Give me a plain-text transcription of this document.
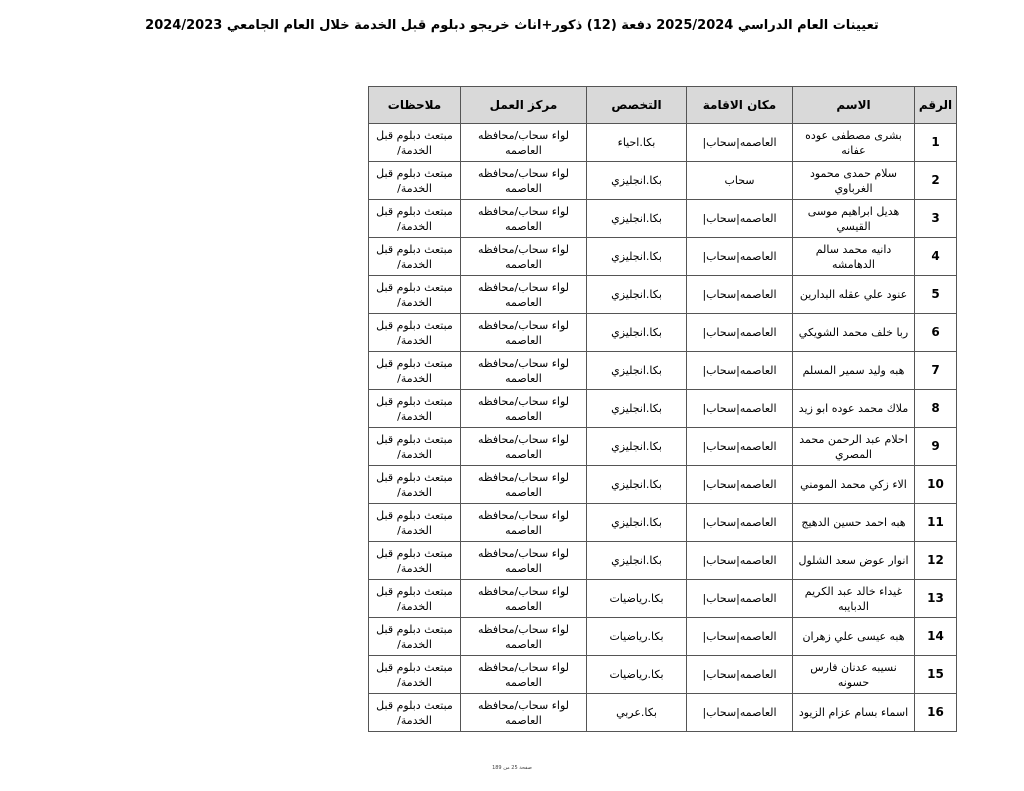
تعيينات العام الدراسي 2025/2024 دفعة (12) ذكور+اناث خريجو دبلوم قبل الخدمة خلال العام الجامعي 2024/2023
الرقم	الاسم	مكان الاقامة	التخصص	مركز العمل	ملاحظات
1	بشرى مصطفى عوده عفانه	العاصمه|سحاب|	بكا.احياء	لواء سحاب/محافظه العاصمه	مبتعث دبلوم قبل الخدمة/
2	سلام حمدى محمود الغرباوي	سحاب	بكا.انجليزي	لواء سحاب/محافظه العاصمه	مبتعث دبلوم قبل الخدمة/
3	هديل ابراهيم موسى القيسي	العاصمه|سحاب|	بكا.انجليزي	لواء سحاب/محافظه العاصمه	مبتعث دبلوم قبل الخدمة/
4	دانيه محمد سالم الدهامشه	العاصمه|سحاب|	بكا.انجليزي	لواء سحاب/محافظه العاصمه	مبتعث دبلوم قبل الخدمة/
5	عنود علي عقله البدارين	العاصمه|سحاب|	بكا.انجليزي	لواء سحاب/محافظه العاصمه	مبتعث دبلوم قبل الخدمة/
6	ربا خلف محمد الشويكي	العاصمه|سحاب|	بكا.انجليزي	لواء سحاب/محافظه العاصمه	مبتعث دبلوم قبل الخدمة/
7	هبه وليد سمير المسلم	العاصمه|سحاب|	بكا.انجليزي	لواء سحاب/محافظه العاصمه	مبتعث دبلوم قبل الخدمة/
8	ملاك محمد عوده ابو زيد	العاصمه|سحاب|	بكا.انجليزي	لواء سحاب/محافظه العاصمه	مبتعث دبلوم قبل الخدمة/
9	احلام عبد الرحمن محمد المصري	العاصمه|سحاب|	بكا.انجليزي	لواء سحاب/محافظه العاصمه	مبتعث دبلوم قبل الخدمة/
10	الاء زكي محمد المومني	العاصمه|سحاب|	بكا.انجليزي	لواء سحاب/محافظه العاصمه	مبتعث دبلوم قبل الخدمة/
11	هبه احمد حسين الدهيج	العاصمه|سحاب|	بكا.انجليزي	لواء سحاب/محافظه العاصمه	مبتعث دبلوم قبل الخدمة/
12	انوار عوض سعد الشلول	العاصمه|سحاب|	بكا.انجليزي	لواء سحاب/محافظه العاصمه	مبتعث دبلوم قبل الخدمة/
13	غيداء خالد عبد الكريم الدبايبه	العاصمه|سحاب|	بكا.رياضيات	لواء سحاب/محافظه العاصمه	مبتعث دبلوم قبل الخدمة/
14	هبه عيسى علي زهران	العاصمه|سحاب|	بكا.رياضيات	لواء سحاب/محافظه العاصمه	مبتعث دبلوم قبل الخدمة/
15	نسيبه عدنان فارس حسونه	العاصمه|سحاب|	بكا.رياضيات	لواء سحاب/محافظه العاصمه	مبتعث دبلوم قبل الخدمة/
16	اسماء بسام عزام الزيود	العاصمه|سحاب|	بكا.عربي	لواء سحاب/محافظه العاصمه	مبتعث دبلوم قبل الخدمة/
صفحة 25 من 189
